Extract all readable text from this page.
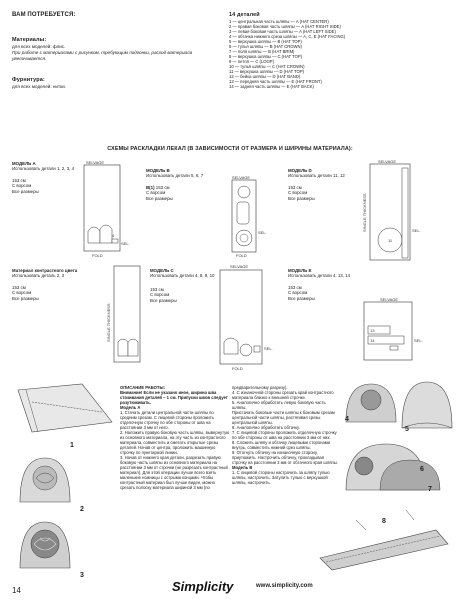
ВАМ ПОТРЕБУЕТСЯ:
Материалы:
для всех моделей: флис.
При работе с материалами с рисунком, требующим подгонки, расход материала увеличивается.
Фурнитура:
для всех моделей: нитки.
14 деталей
1 — центральная часть шляпы — A (HAT CENTER)
2 — правая боковая часть шляпы — A (HAT RIGHT SIDE)
3 — левая боковая часть шляпы — A (HAT LEFT SIDE)
4 — обтачка нижнего среза шляпы — A, C, E (HAT FACING)
5 — верхушка шляпы — B (HAT TOP)
6 — тулья шляпы — B (HAT CROWN)
7 — поля шляпы — B (HAT BRIM)
8 — верхушка шляпы — C (HAT TOP)
9 — петля — C (LOOP)
10 — тулья шляпы — C (HAT CROWN)
11 — верхушка шляпы — D (HAT TOP)
12 — бейка шляпы — D (HAT BAND)
13 — передняя часть шляпы — E (HAT FRONT)
14 — задняя часть шляпы — E (HAT BACK)
СХЕМЫ РАСКЛАДКИ ЛЕКАЛ (В ЗАВИСИМОСТИ ОТ РАЗМЕРА И ШИРИНЫ МАТЕРИАЛА):
МОДЕЛЬ A
Использовать детали 1, 2, 3, 4
153 см
С ворсом
Все размеры
SELVAGE
4
SEL.
FOLD
МОДЕЛЬ B
Использовать детали 5, 6, 7
В(1) 153 см
С ворсом
Все размеры
SELVAGE
SEL.
FOLD
МОДЕЛЬ D
Использовать детали 11, 12
153 см
С ворсом
Все размеры
SELVAGE
11
SINGLE THICKNESS	SEL.
Материал контрастного цвета
Использовать деталь 2, 3
153 см
С ворсом
Все размеры
SINGLE THICKNESS
МОДЕЛЬ C
Использовать детали 4, 8, 9, 10
153 см
С ворсом
Все размеры
SELVAGE
SEL.
FOLD
МОДЕЛЬ E
Использовать детали 4, 13, 14
153 см
С ворсом
Все размеры	SELVAGE
13
14	SEL.
1
2
3
ОПИСАНИЕ РАБОТЫ:
Внимание! Если не указано иное, ширина шва стачивания деталей – 1 см. Припуски швов следует разутюживать.
Модель A
1. Стачать детали центральной части шляпы по средним срезам. С лицевой стороны проложить отделочную строчку по обе стороны от шва на расстоянии 3 мм от него.
2. Наложить правую боковую часть шляпы, вывернутую из основного материала, на эту часть из контрастного материала, совместить и сметать открытые срезы деталей. Начав от центра, проложить машинную строчку по пунктирной линии.
3. Начав от нижнего края детали, разрезать правую боковую часть шляпы из основного материала на расстоянии 3 мм от строчки (не разрезать контрастный материал). Для этой операции лучше всего взять маленькие ножницы с острыми концами. Чтобы контрастный материал был лучше виден, можно срезать полоску материала шириной 3 мм (по
предварительному разрезу).
4. С изнаночной стороны срезать край контрастного материала близко к внешней строчке.
5. Аналогично обработать левую боковую часть шляпы.
Пристачать боковые части шляпы к боковым срезам центральной части шляпы, растягивая срезы центральной шляпы.
6. Аналогично обработать обтачку.
7. С лицевой стороны проложить отделочную строчку по обе стороны от шва на расстоянии 3 мм от них.
8. Сложить шляпу и обтачку лицевыми сторонами внутрь, совместить нижний срез шляпы.
9. Отогнуть обтачку на изнаночную сторону, приутюжить. Настрочить обтачку, прокладывая строчку на расстоянии 3 мм от обтачного края шляпы.
Модель B
1. С лицевой стороны настрочить за шляпу тулью шляпы, настрочить. Затулить тулью с верхушкой шляпы, настрочить.
4
5
6
7
8
14	Simplicity	www.simplicity.com
